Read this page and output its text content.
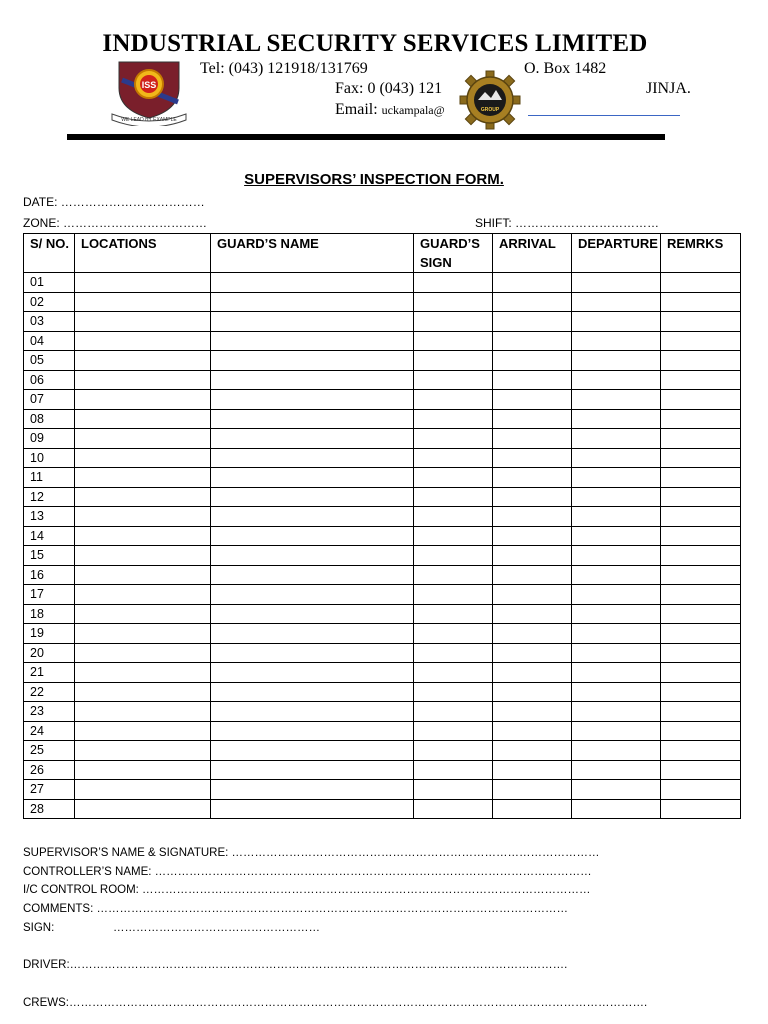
INDUSTRIAL SECURITY SERVICES LIMITED
ISS
WE LEAD BY EXAMPLE
Tel: (043) 121918/131769	O. Box 1482
Fax: 0 (043) 121	JINJA.
Email: uckampala@	GROUP
SUPERVISORS’ INSPECTION FORM.
DATE: ………………………………
ZONE: ………………………………	SHIFT: ………………………………
S/ NO.	LOCATIONS	GUARD’S NAME	GUARD’S SIGN	ARRIVAL	DEPARTURE	REMRKS
01						
02						
03						
04						
05						
06						
07						
08						
09						
10						
11						
12						
13						
14						
15						
16						
17						
18						
19						
20						
21						
22						
23						
24						
25						
26						
27						
28						
SUPERVISOR’S NAME & SIGNATURE: ……………………………………………………………………………………
CONTROLLER’S NAME: ……………………………………………………………………………………………………
I/C CONTROL ROOM: ………………………………………………………………………………………………………
COMMENTS: ……………………………………………………………………………………………………………
SIGN:	………………………………………………
DRIVER:………………………………………………………………………………………………………………….
CREWS:…………………………………………………………………………………………………………………………………….
